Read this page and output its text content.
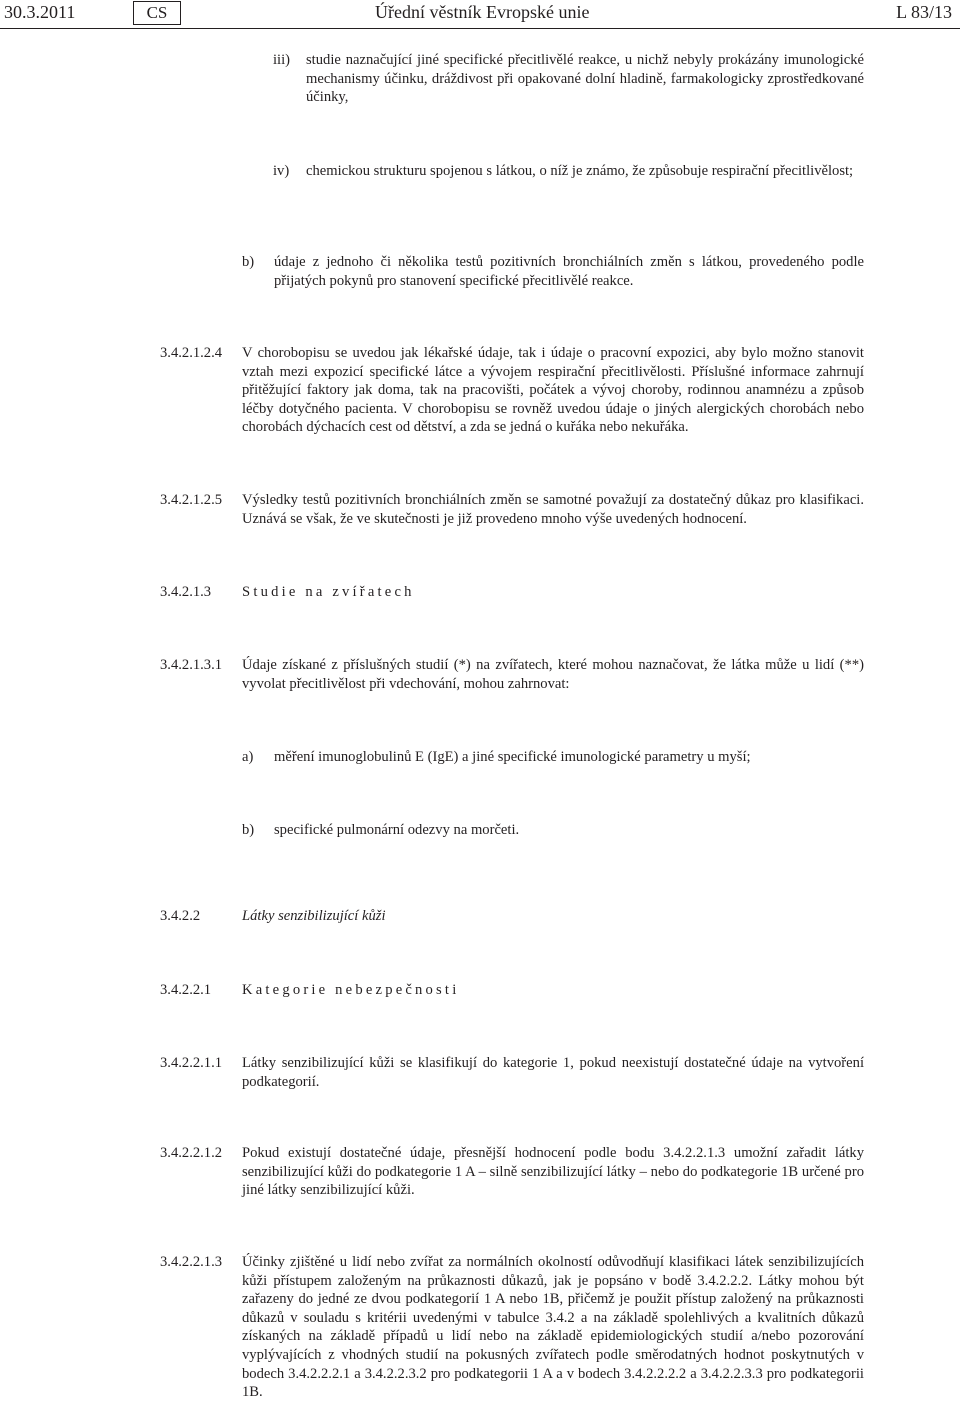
30.3.2011	CS	Úřední věstník Evropské unie	L 83/13
iii) studie naznačující jiné specifické přecitlivělé reakce, u nichž nebyly prokázány imunologické mechanismy účinku, dráždivost při opakované dolní hladině, farmakologicky zprostředkované účinky,
iv) chemickou strukturu spojenou s látkou, o níž je známo, že způsobuje respirační přecitlivělost;
b) údaje z jednoho či několika testů pozitivních bronchiálních změn s látkou, provedeného podle přijatých pokynů pro stanovení specifické přecitlivělé reakce.
3.4.2.1.2.4 V chorobopisu se uvedou jak lékařské údaje, tak i údaje o pracovní expozici, aby bylo možno stanovit vztah mezi expozicí specifické látce a vývojem respirační přecitlivělosti. Příslušné informace zahrnují přitěžující faktory jak doma, tak na pracovišti, počátek a vývoj choroby, rodinnou anamnézu a způsob léčby dotyčného pacienta. V chorobopisu se rovněž uvedou údaje o jiných alergických chorobách nebo chorobách dýchacích cest od dětství, a zda se jedná o kuřáka nebo nekuřáka.
3.4.2.1.2.5 Výsledky testů pozitivních bronchiálních změn se samotné považují za dostatečný důkaz pro klasifikaci. Uznává se však, že ve skutečnosti je již provedeno mnoho výše uvedených hodnocení.
3.4.2.1.3 Studie na zvířatech
3.4.2.1.3.1 Údaje získané z příslušných studií (*) na zvířatech, které mohou naznačovat, že látka může u lidí (**) vyvolat přecitlivělost při vdechování, mohou zahrnovat:
a) měření imunoglobulinů E (IgE) a jiné specifické imunologické parametry u myší;
b) specifické pulmonární odezvy na morčeti.
3.4.2.2	Látky senzibilizující kůži
3.4.2.2.1 Kategorie nebezpečnosti
3.4.2.2.1.1 Látky senzibilizující kůži se klasifikují do kategorie 1, pokud neexistují dostatečné údaje na vytvoření podkategorií.
3.4.2.2.1.2 Pokud existují dostatečné údaje, přesnější hodnocení podle bodu 3.4.2.2.1.3 umožní zařadit látky senzibilizující kůži do podkategorie 1 A – silně senzibilizující látky – nebo do podkategorie 1B určené pro jiné látky senzibilizující kůži.
3.4.2.2.1.3 Účinky zjištěné u lidí nebo zvířat za normálních okolností odůvodňují klasifikaci látek senzibilizujících kůži přístupem založeným na průkaznosti důkazů, jak je popsáno v bodě 3.4.2.2.2. Látky mohou být zařazeny do jedné ze dvou podkategorií 1 A nebo 1B, přičemž je použit přístup založený na průkaznosti důkazů v souladu s kritérii uvedenými v tabulce 3.4.2 a na základě spolehlivých a kvalitních důkazů získaných na základě případů u lidí nebo na základě epidemiologických studií a/nebo pozorování vyplývajících z vhodných studií na pokusných zvířatech podle směrodatných hodnot poskytnutých v bodech 3.4.2.2.2.1 a 3.4.2.2.3.2 pro podkategorii 1 A a v bodech 3.4.2.2.2.2 a 3.4.2.2.3.3 pro podkategorii 1B.
